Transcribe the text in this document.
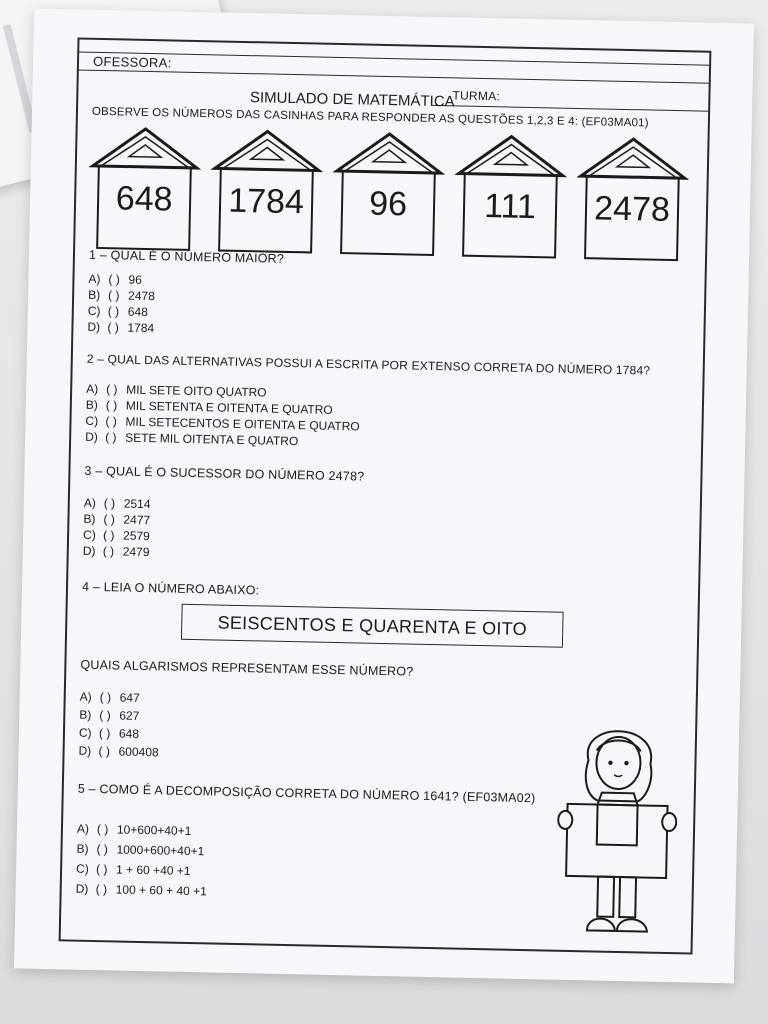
OFESSORA:
TURMA:
SIMULADO DE MATEMÁTICA
OBSERVE OS NÚMEROS DAS CASINHAS PARA RESPONDER AS QUESTÕES 1,2,3 E 4: (EF03MA01)
648	1784	96	111	2478
1 – QUAL É O NÚMERO MAIOR?
A) ( ) 96
B) ( ) 2478
C) ( ) 648
D) ( ) 1784
2 – QUAL DAS ALTERNATIVAS POSSUI A ESCRITA POR EXTENSO CORRETA DO NÚMERO 1784?
A) ( ) MIL SETE OITO QUATRO
B) ( ) MIL SETENTA E OITENTA E QUATRO
C) ( ) MIL SETECENTOS E OITENTA E QUATRO
D) ( ) SETE MIL OITENTA E QUATRO
3 – QUAL É O SUCESSOR DO NÚMERO 2478?
A) ( ) 2514
B) ( ) 2477
C) ( ) 2579
D) ( ) 2479
4 – LEIA O NÚMERO ABAIXO:
SEISCENTOS E QUARENTA E OITO
QUAIS ALGARISMOS REPRESENTAM ESSE NÚMERO?
A) ( ) 647
B) ( ) 627
C) ( ) 648
D) ( ) 600408
5 – COMO É A DECOMPOSIÇÃO CORRETA DO NÚMERO 1641? (EF03MA02)
A) ( ) 10+600+40+1
B) ( ) 1000+600+40+1
C) ( ) 1 + 60 +40 +1
D) ( ) 100 + 60 + 40 +1
